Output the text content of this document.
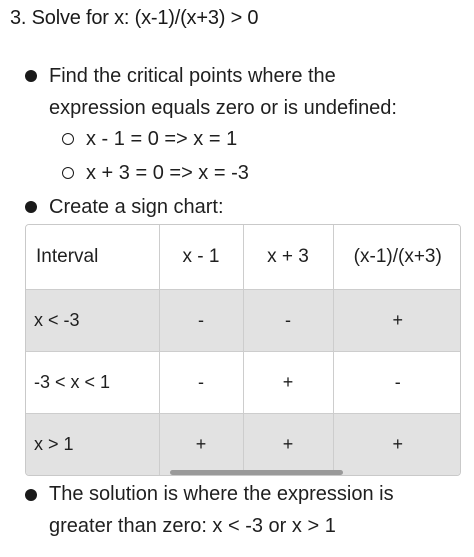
3. Solve for x: (x-1)/(x+3) > 0
Find the critical points where the
expression equals zero or is undefined:
x - 1 = 0 => x = 1
x + 3 = 0 => x = -3
Create a sign chart:
Interval	x - 1	x + 3	(x-1)/(x+3)
x < -3	-	-	+
-3 < x < 1	-	+	-
x > 1	+	+	+
The solution is where the expression is
greater than zero: x < -3 or x > 1
